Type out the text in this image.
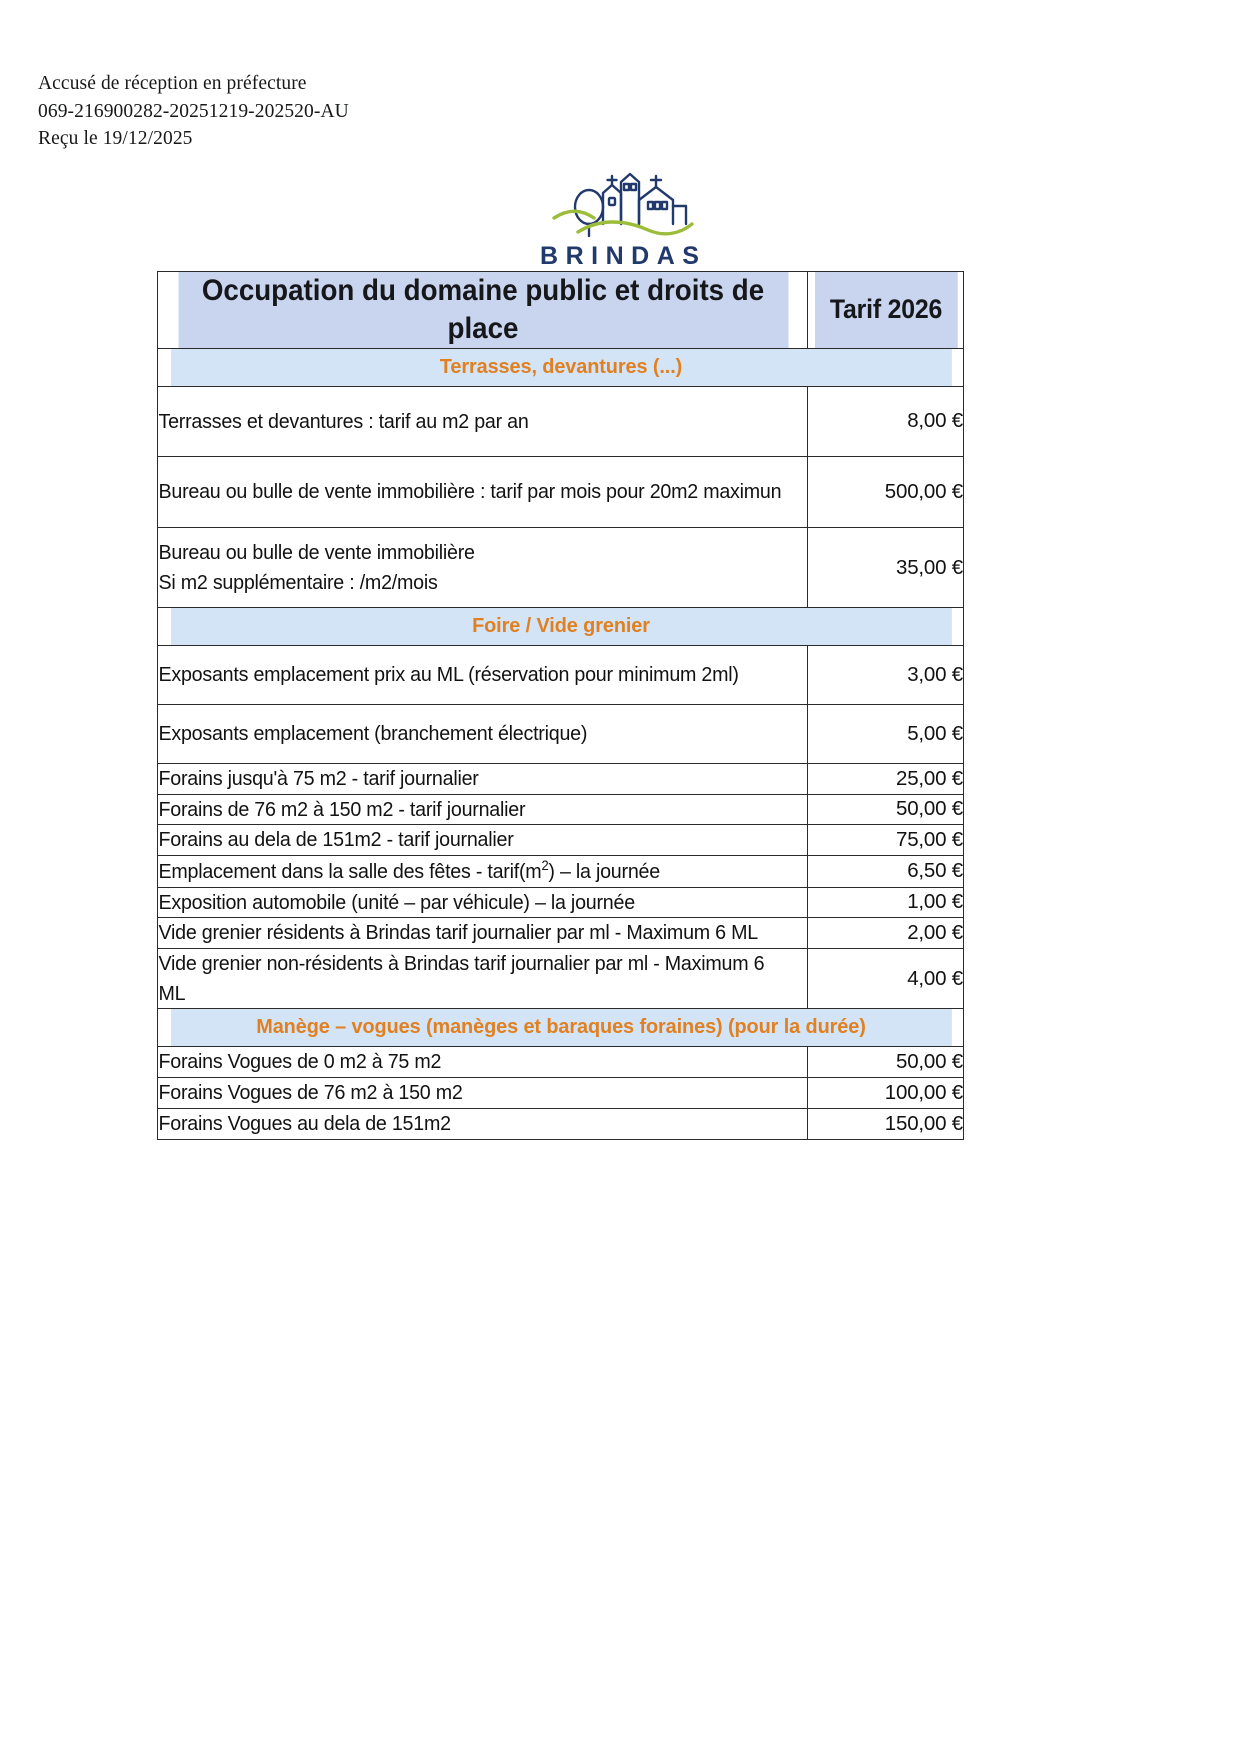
Accusé de réception en préfecture
069-216900282-20251219-202520-AU
Reçu le 19/12/2025
BRINDAS
Occupation du domaine public et droits de place	Tarif 2026
Terrasses, devantures (...)	
Terrasses et devantures : tarif au m2 par an	8,00 €
Bureau ou bulle de vente immobilière : tarif par mois pour 20m2 maximun	500,00 €

Bureau ou bulle de vente immobilière
Si m2 supplémentaire : /m2/mois	35,00 €
Foire / Vide grenier	
Exposants emplacement prix au ML (réservation pour minimum 2ml)	3,00 €
Exposants emplacement (branchement électrique)	5,00 €
Forains jusqu'à 75 m2 - tarif journalier	25,00 €
Forains de 76 m2 à 150 m2 - tarif journalier	50,00 €
Forains au dela de 151m2 - tarif journalier	75,00 €
Emplacement dans la salle des fêtes - $tarif(m^2)$ – la journée	6,50 €
Exposition automobile (unité – par véhicule) – la journée	1,00 €
Vide grenier résidents à Brindas tarif journalier par ml - Maximum 6 ML	2,00 €
Vide grenier non-résidents à Brindas tarif journalier par ml - Maximum 6 ML	4,00 €
Manège – vogues (manèges et baraques foraines) (pour la durée)	
Forains Vogues de 0 m2 à 75 m2	50,00 €
Forains Vogues de 76 m2 à 150 m2	100,00 €
Forains Vogues au dela de 151m2	150,00 €
